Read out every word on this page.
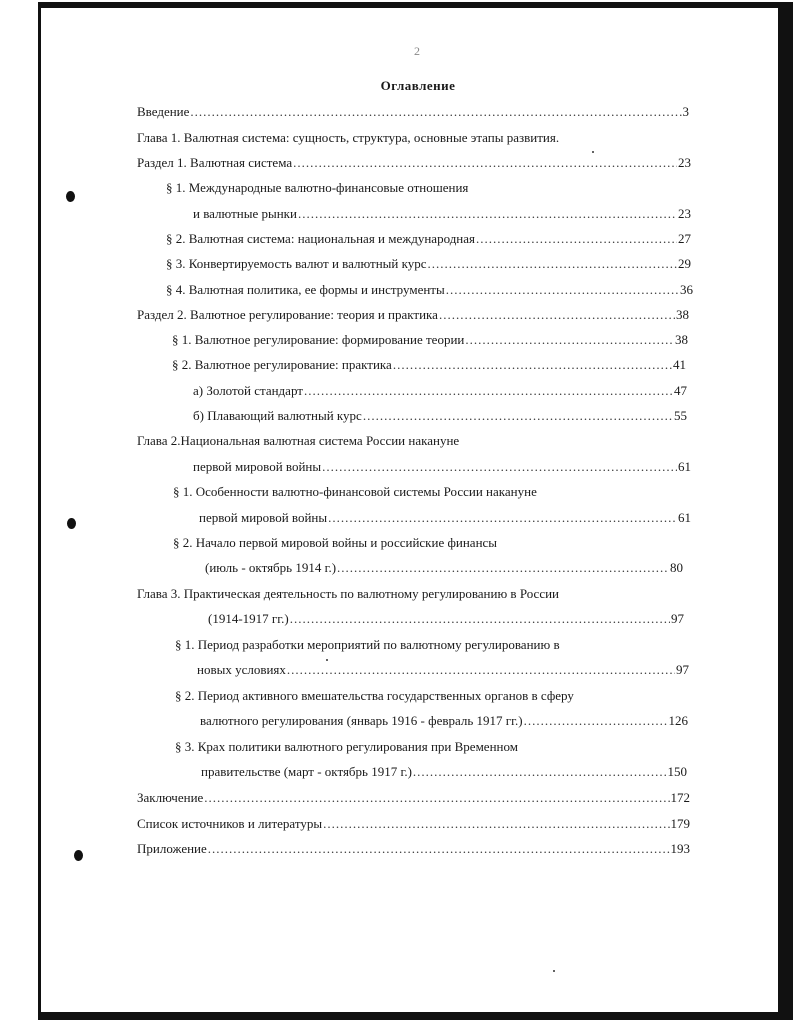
2
Оглавление
Введение .....	3
Глава 1. Валютная система: сущность, структура, основные этапы развития.
Раздел 1. Валютная система .....	23
§ 1. Международные валютно-финансовые отношения
и валютные рынки .....	23
§ 2. Валютная система: национальная и международная .....	27
§ 3. Конвертируемость валют и валютный курс .....	29
§ 4. Валютная политика, ее формы и инструменты .....	36
Раздел 2. Валютное регулирование: теория и практика .....	38
§ 1. Валютное регулирование: формирование теории .....	38
§ 2. Валютное регулирование: практика .....	41
а) Золотой стандарт .....	47
б) Плавающий валютный курс .....	55
Глава 2.Национальная валютная система России накануне
первой мировой войны .....	61
§ 1. Особенности валютно-финансовой системы России накануне
первой мировой войны .....	61
§ 2. Начало первой мировой войны и российские финансы
(июль - октябрь 1914 г.) .....	80
Глава 3. Практическая деятельность по валютному регулированию в России
(1914-1917 гг.) .....	97
§ 1. Период разработки мероприятий по валютному регулированию в
новых условиях .....	97
§ 2. Период активного вмешательства государственных органов в сферу
валютного регулирования (январь 1916 - февраль 1917 гг.) .....	126
§ 3. Крах политики валютного регулирования при Временном
правительстве (март - октябрь 1917 г.) .....	150
Заключение .....	172
Список источников и литературы .....	179
Приложение .....	193
